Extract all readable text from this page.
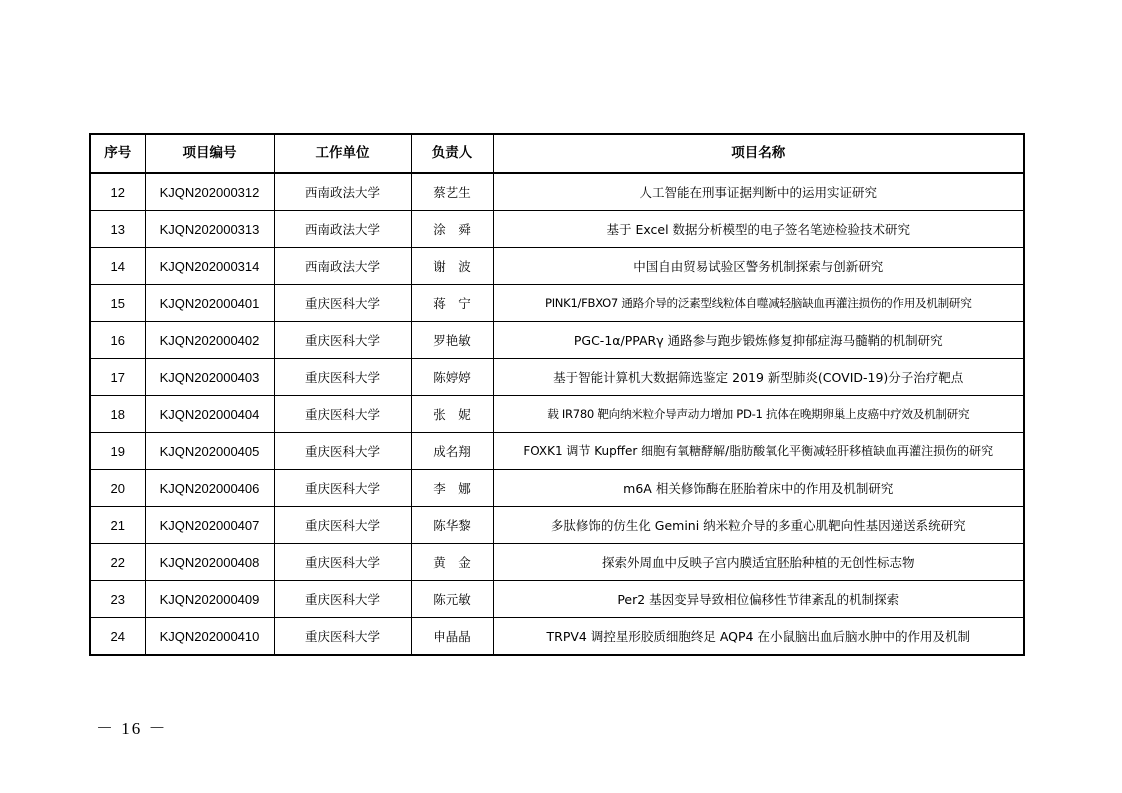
序号	项目编号	工作单位	负责人	项目名称
12	KJQN202000312	西南政法大学	蔡艺生	人工智能在刑事证据判断中的运用实证研究
13	KJQN202000313	西南政法大学	涂　舜	基于 Excel 数据分析模型的电子签名笔迹检验技术研究
14	KJQN202000314	西南政法大学	谢　波	中国自由贸易试验区警务机制探索与创新研究
15	KJQN202000401	重庆医科大学	蒋　宁	PINK1/FBXO7 通路介导的泛素型线粒体自噬减轻脑缺血再灌注损伤的作用及机制研究
16	KJQN202000402	重庆医科大学	罗艳敏	PGC-1α/PPARγ 通路参与跑步锻炼修复抑郁症海马髓鞘的机制研究
17	KJQN202000403	重庆医科大学	陈婷婷	基于智能计算机大数据筛选鉴定 2019 新型肺炎(COVID-19)分子治疗靶点
18	KJQN202000404	重庆医科大学	张　妮	载 IR780 靶向纳米粒介导声动力增加 PD-1 抗体在晚期卵巢上皮癌中疗效及机制研究
19	KJQN202000405	重庆医科大学	成名翔	FOXK1 调节 Kupffer 细胞有氧糖酵解/脂肪酸氧化平衡减轻肝移植缺血再灌注损伤的研究
20	KJQN202000406	重庆医科大学	李　娜	m6A 相关修饰酶在胚胎着床中的作用及机制研究
21	KJQN202000407	重庆医科大学	陈华黎	多肽修饰的仿生化 Gemini 纳米粒介导的多重心肌靶向性基因递送系统研究
22	KJQN202000408	重庆医科大学	黄　金	探索外周血中反映子宫内膜适宜胚胎种植的无创性标志物
23	KJQN202000409	重庆医科大学	陈元敏	Per2 基因变异导致相位偏移性节律紊乱的机制探索
24	KJQN202000410	重庆医科大学	申晶晶	TRPV4 调控星形胶质细胞终足 AQP4 在小鼠脑出血后脑水肿中的作用及机制
－ 16 －
